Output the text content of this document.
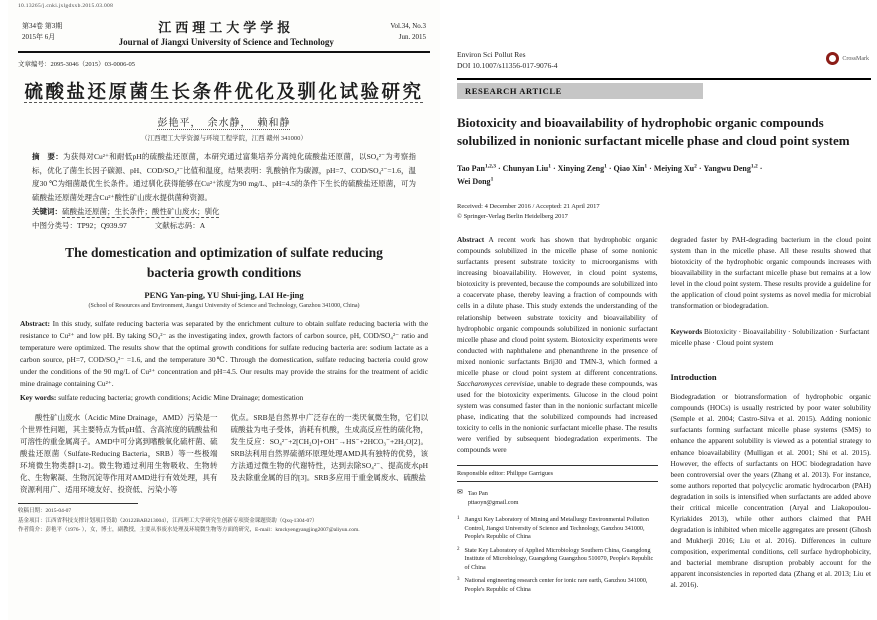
10.13265/j.cnki.jxlgdxxb.2015.03.008
第34卷 第3期
2015年 6月
江西理工大学学报
Journal of Jiangxi University of Science and Technology
Vol.34, No.3
Jun. 2015
文章编号：2095-3046（2015）03-0006-05
硫酸盐还原菌生长条件优化及驯化试验研究
彭艳平，　余水静，　赖和静
（江西理工大学资源与环境工程学院，江西 赣州 341000）

摘　要：为获得对Cu²⁺和耐低pH的硫酸盐还原菌，本研究通过富集培养分离纯化硫酸盐还原菌，以SO₄²⁻为考察指标，优化了菌生长因子碳源、pH、COD/SO₄²⁻比值和温度，结果表明：乳酸钠作为碳源，pH=7、COD/SO₄²⁻=1.6，温度30 ℃为细菌最优生长条件。通过驯化获得能够在Cu²⁺浓度为90 mg/L、pH=4.5的条件下生长的硫酸盐还原菌，可为硫酸盐还原菌处理含Cu²⁺酸性矿山废水提供菌种资源。

关键词：硫酸盐还原菌；生长条件；酸性矿山废水；驯化
中图分类号：TP92；Q939.97	文献标志码：A
The domestication and optimization of sulfate reducing bacteria growth conditions
PENG Yan-ping, YU Shui-jing, LAI He-jing
(School of Resources and Environment, Jiangxi University of Science and Technology, Ganzhou 341000, China)

Abstract: In this study, sulfate reducing bacteria was separated by the enrichment culture to obtain sulfate reducing bacteria with the resistance to Cu²⁺ and low pH. By taking SO₄²⁻ as the investigating index, growth factors of carbon source, pH, COD/SO₄²⁻ ratio and temperature were optimized. The results show that the optimal growth conditions for sulfate reducing bacteria are: sodium lactate as a carbon source, pH=7, COD/SO₄²⁻ =1.6, and the temperature 30℃. Through the domestication, sulfate reducing bacteria could grow under the conditions of the 90 mg/L of Cu²⁺ concentration and pH=4.5. Our results may provide the strains for the treatment of acidic mine drainage containing Cu²⁺.

Key words: sulfate reducing bacteria; growth conditions; Acidic Mine Drainage; domestication

酸性矿山废水（Acidic Mine Drainage，AMD）污染是一个世界性问题，其主要特点为低pH值、含高浓度的硫酸盐和可溶性的重金属离子。AMD中可分离到嗜酸氧化硫杆菌、硫酸盐还原菌（Sulfate-Reducing Bacteria，SRB）等一些极端环境微生物类群[1-2]。微生物通过利用生物吸收、生物转化、生物絮凝、生物沉淀等作用对AMD进行有效处理，具有资源利用广、适用环境友好、投资低、污染小等

优点。SRB是自然界中广泛存在的一类厌氧微生物，它们以硫酸盐为电子受体，消耗有机酸，生成高反应性的硫化物，发生反应：SO₄²⁻+2[CH₂O]+OH⁻→HS⁻+2HCO₃⁻+2H₂O[2]。SRB法利用自然界硫循环原理处理AMD具有独特的优势，该方法通过微生物的代谢特性，达到去除SO₄²⁻、提高废水pH及去除重金属的目的[3]。SRB多应用于重金属废水、硫酸盐

收稿日期：2015-04-07
基金项目：江西省科技支撑计划项目资助（20122BAB213004），江西理工大学研究生创新专项资金课题资助（Qxq-1304-07）
作者简介：彭艳平（1976- ），女，博士，副教授，主要从事废水处理及环境微生物等方面的研究，E-mail：kmckyengyangjing2007@aliyun.com.
Environ Sci Pollut Res
DOI 10.1007/s11356-017-9076-4
CrossMark
RESEARCH ARTICLE
Biotoxicity and bioavailability of hydrophobic organic compounds solubilized in nonionic surfactant micelle phase and cloud point system
Tao Pan$^{1,2,3}$ · Chunyan Liu$^1$ · Xinying Zeng$^1$ · Qiao Xin$^1$ · Meiying $Xu^2$ · Yangwu Deng$^{1,2}$ · Wei Dong$^1$
Received: 4 December 2016 / Accepted: 21 April 2017
© Springer-Verlag Berlin Heidelberg 2017

Abstract A recent work has shown that hydrophobic organic compounds solubilized in the micelle phase of some nonionic surfactants present substrate toxicity to microorganisms with increasing bioavailability. However, in cloud point systems, biotoxicity is prevented, because the compounds are solubilized into a coacervate phase, thereby leaving a fraction of compounds with cells in a dilute phase. This study extends the understanding of the relationship between substrate toxicity and bioavailability of hydrophobic organic compounds solubilized in nonionic surfactant micelle phase and cloud point system. Biotoxicity experiments were conducted with naphthalene and phenanthrene in the presence of mixed nonionic surfactants Brij30 and TMN-3, which formed a micelle phase or cloud point system at different concentrations. Saccharomyces cerevisiae, unable to degrade these compounds, was used for the biotoxicity experiments. Glucose in the cloud point system was consumed faster than in the nonionic surfactant micelle phase, indicating that the solubilized compounds had increased toxicity to cells in the nonionic surfactant micelle phase. The results were verified by subsequent biodegradation experiments. The compounds were

Responsible editor: Philippe Garrigues
✉ Tao Pan
pttaoyn@gmail.com
1 Jiangxi Key Laboratory of Mining and Metallurgy Environmental Pollution Control, Jiangxi University of Science and Technology, Ganzhou 341000, People's Republic of China
2 State Key Laboratory of Applied Microbiology Southern China, Guangdong Institute of Microbiology, Guangdong Guangzhou 510070, People's Republic of China
3 National engineering research center for ionic rare earth, Ganzhou 341000, People's Republic of China

degraded faster by PAH-degrading bacterium in the cloud point system than in the micelle phase. All these results showed that biotoxicity of the hydrophobic organic compounds increases with bioavailability in the surfactant micelle phase but remains at a low level in the cloud point system. These results provide a guideline for the application of cloud point systems as novel media for microbial transformation or biodegradation.

Keywords Biotoxicity · Bioavailability · Solubilization · Surfactant micelle phase · Cloud point system
Introduction

Biodegradation or biotransformation of hydrophobic organic compounds (HOCs) is usually restricted by poor water solubility (Semple et al. 2004; Castro-Silva et al. 2015). Adding nonionic surfactants forming surfactant micelle phase systems (SMS) to enhance the apparent solubility is viewed as a potential strategy to enhance bioavailability (Mulligan et al. 2001; Shi et al. 2015). However, the effects of surfactants on HOC biodegradation have been controversial over the years (Zhang et al. 2013). For instance, some authors reported that polycyclic aromatic hydrocarbon (PAH) degradation in soils is intensified when surfactants are added above their critical micelle concentration (Aryal and Liakopoulou-Kyriakides 2013), while other authors claimed that PAH degradation is inhibited when micelle aggregates are present (Ghosh and Mukherji 2016; Liu et al. 2016). Differences in culture composition, experimental conditions, cell surface hydrophobicity, and bacterial membrane disruption probably account for the apparent inconsistencies in reported data (Zhang et al. 2013; Liu et al. 2016).
